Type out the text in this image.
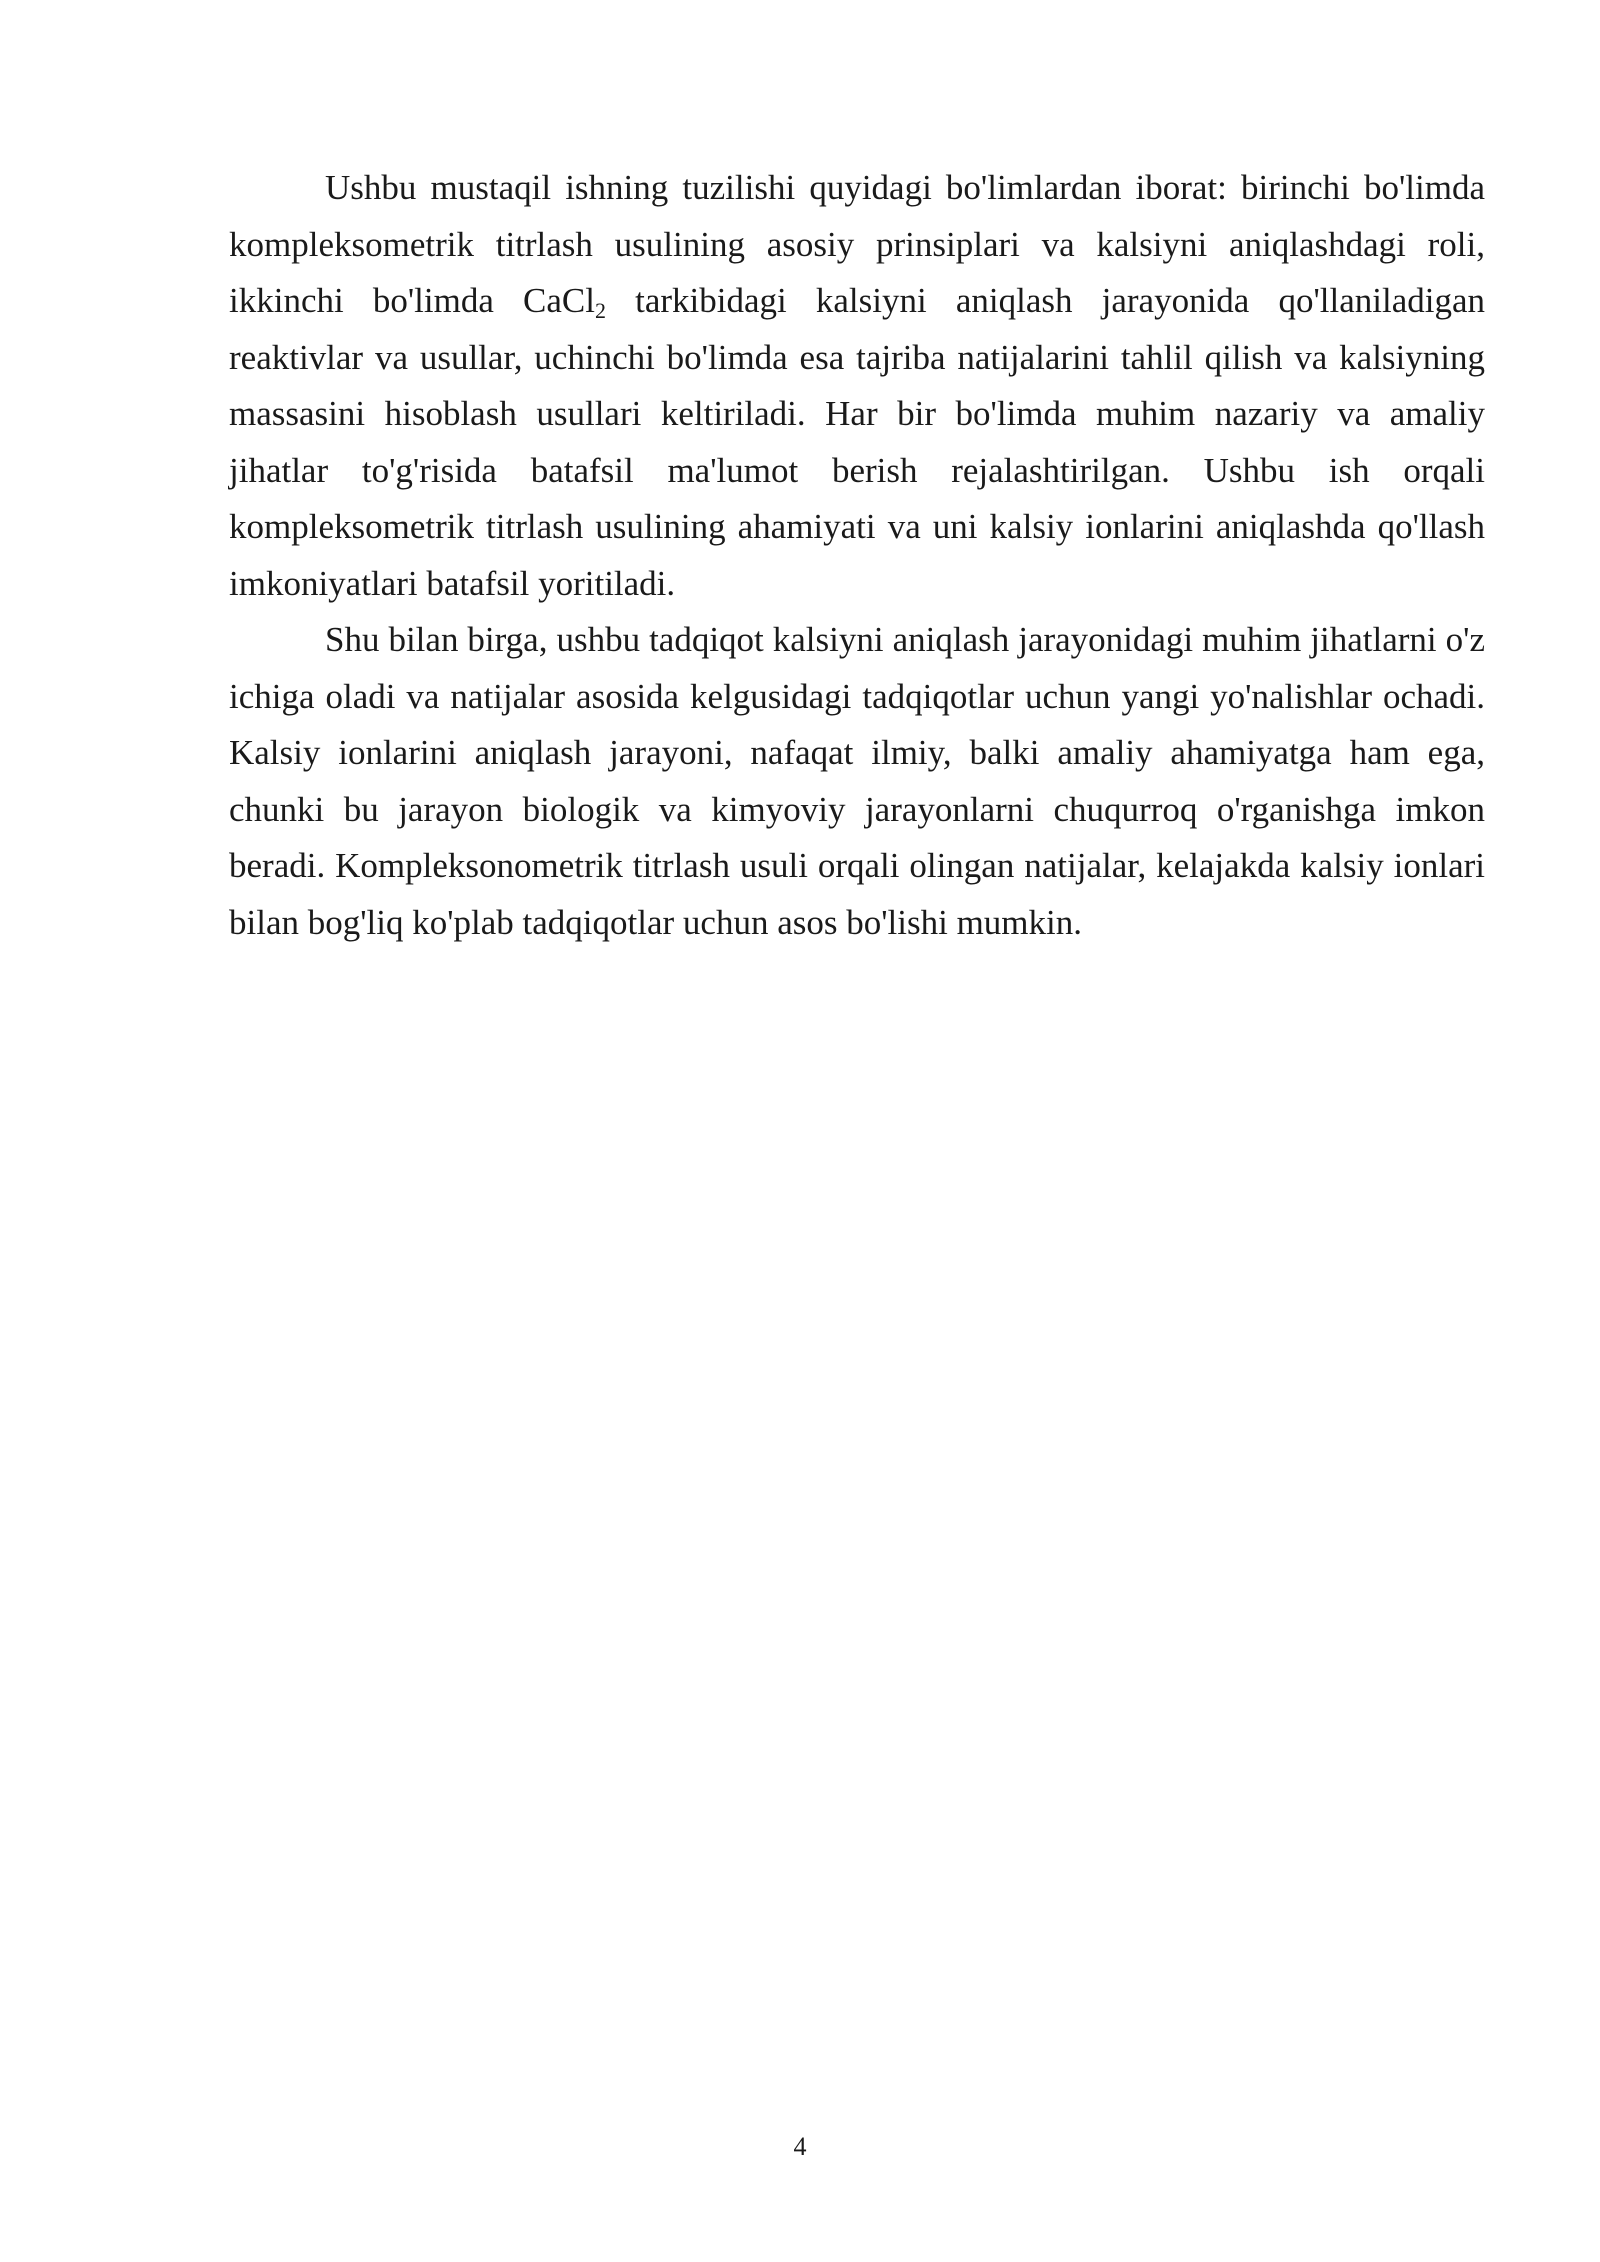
Ushbu mustaqil ishning tuzilishi quyidagi bo'limlardan iborat: birinchi bo'limda kompleksometrik titrlash usulining asosiy prinsiplari va kalsiyni aniqlashdagi roli, ikkinchi bo'limda CaCl$_2$ tarkibidagi kalsiyni aniqlash jarayonida qo'llaniladigan reaktivlar va usullar, uchinchi bo'limda esa tajriba natijalarini tahlil qilish va kalsiyning massasini hisoblash usullari keltiriladi. Har bir bo'limda muhim nazariy va amaliy jihatlar to'g'risida batafsil ma'lumot berish rejalashtirilgan. Ushbu ish orqali kompleksometrik titrlash usulining ahamiyati va uni kalsiy ionlarini aniqlashda qo'llash imkoniyatlari batafsil yoritiladi.

Shu bilan birga, ushbu tadqiqot kalsiyni aniqlash jarayonidagi muhim jihatlarni o'z ichiga oladi va natijalar asosida kelgusidagi tadqiqotlar uchun yangi yo'nalishlar ochadi. Kalsiy ionlarini aniqlash jarayoni, nafaqat ilmiy, balki amaliy ahamiyatga ham ega, chunki bu jarayon biologik va kimyoviy jarayonlarni chuqurroq o'rganishga imkon beradi. Kompleksonometrik titrlash usuli orqali olingan natijalar, kelajakda kalsiy ionlari bilan bog'liq ko'plab tadqiqotlar uchun asos bo'lishi mumkin.

4
